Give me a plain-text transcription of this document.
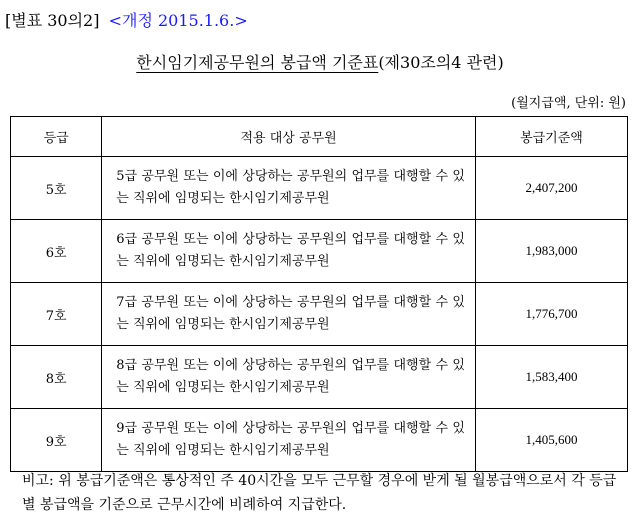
[별표 30의2] <개정 2015.1.6.>
한시임기제공무원의 봉급액 기준표(제30조의4 관련)
(월지급액, 단위: 원)
등급	적용 대상 공무원	봉급기준액
5호	5급 공무원 또는 이에 상당하는 공무원의 업무를 대행할 수 있는 직위에 임명되는 한시임기제공무원	2,407,200
6호	6급 공무원 또는 이에 상당하는 공무원의 업무를 대행할 수 있는 직위에 임명되는 한시임기제공무원	1,983,000
7호	7급 공무원 또는 이에 상당하는 공무원의 업무를 대행할 수 있는 직위에 임명되는 한시임기제공무원	1,776,700
8호	8급 공무원 또는 이에 상당하는 공무원의 업무를 대행할 수 있는 직위에 임명되는 한시임기제공무원	1,583,400
9호	9급 공무원 또는 이에 상당하는 공무원의 업무를 대행할 수 있는 직위에 임명되는 한시임기제공무원	1,405,600
비고: 위 봉급기준액은 통상적인 주 40시간을 모두 근무할 경우에 받게 될 월봉급액으로서 각 등급별 봉급액을 기준으로 근무시간에 비례하여 지급한다.
